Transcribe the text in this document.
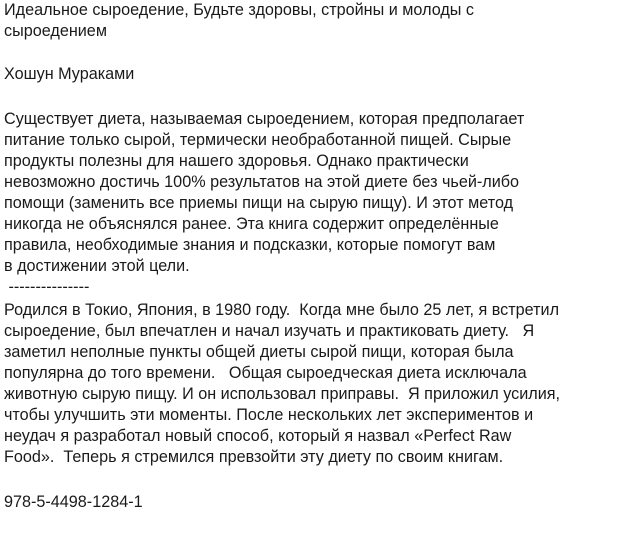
Идеальное сыроедение, Будьте здоровы, стройны и молоды с
сыроедением
Хошун Мураками
Существует диета, называемая сыроедением, которая предполагает
питание только сырой, термически необработанной пищей. Сырые
продукты полезны для нашего здоровья. Однако практически
невозможно достичь 100% результатов на этой диете без чьей-либо
помощи (заменить все приемы пищи на сырую пищу). И этот метод
никогда не объяснялся ранее. Эта книга содержит определённые
правила, необходимые знания и подсказки, которые помогут вам
в достижении этой цели.
---------------
Родился в Токио, Япония, в 1980 году.  Когда мне было 25 лет, я встретил
сыроедение, был впечатлен и начал изучать и практиковать диету.   Я
заметил неполные пункты общей диеты сырой пищи, которая была
популярна до того времени.   Общая сыроедческая диета исключала
животную сырую пищу. И он использовал приправы.  Я приложил усилия,
чтобы улучшить эти моменты. После нескольких лет экспериментов и
неудач я разработал новый способ, который я назвал «Perfect Raw
Food».  Теперь я стремился превзойти эту диету по своим книгам.
978-5-4498-1284-1
